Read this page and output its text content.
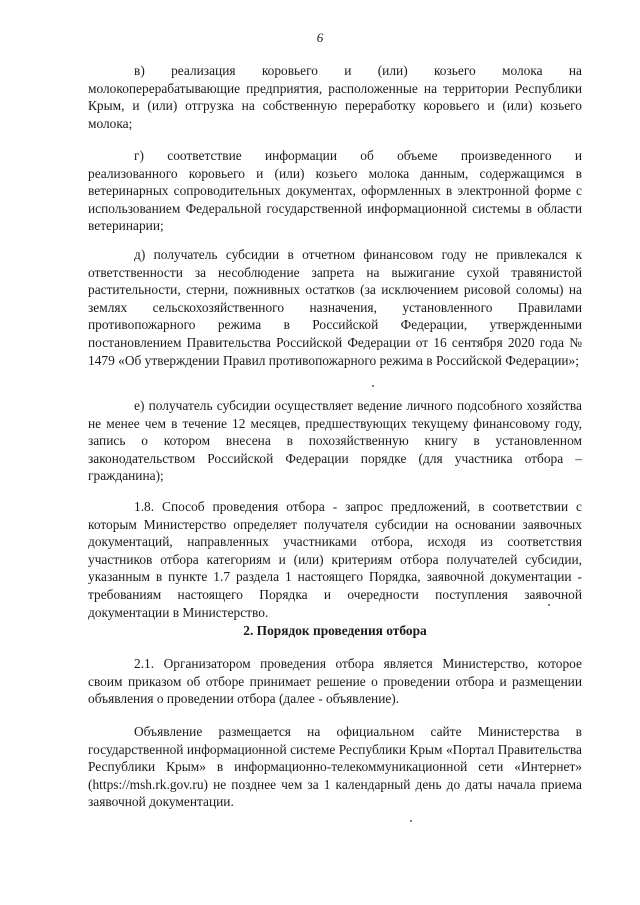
6

в)   реализация   коровьего   и   (или)   козьего   молока   на молокоперерабатывающие предприятия, расположенные на территории Республики Крым, и (или) отгрузка на собственную переработку коровьего и (или) козьего молока;

г)   соответствие   информации   об   объеме   произведенного   и реализованного коровьего и (или) козьего молока данным, содержащимся в ветеринарных сопроводительных документах, оформленных в электронной форме с использованием Федеральной государственной информационной системы в области ветеринарии;

д) получатель субсидии в отчетном финансовом году не привлекался к ответственности за несоблюдение запрета на выжигание сухой травянистой растительности, стерни, пожнивных остатков (за исключением рисовой соломы) на землях сельскохозяйственного назначения, установленного Правилами противопожарного режима в Российской Федерации, утвержденными постановлением Правительства Российской Федерации от 16 сентября 2020 года № 1479 «Об утверждении Правил противопожарного режима в Российской Федерации»;

е) получатель субсидии осуществляет ведение личного подсобного хозяйства не менее чем в течение 12 месяцев, предшествующих текущему финансовому году, запись о котором внесена в похозяйственную книгу в установленном законодательством Российской Федерации порядке (для участника отбора – гражданина);

1.8. Способ проведения отбора - запрос предложений, в соответствии с которым Министерство определяет получателя субсидии на основании заявочных документаций, направленных участниками отбора, исходя из соответствия участников отбора категориям и (или) критериям отбора получателей субсидии, указанным в пункте 1.7 раздела 1 настоящего Порядка, заявочной документации - требованиям настоящего Порядка и очередности поступления заявочной документации в Министерство.

2. Порядок проведения отбора

2.1. Организатором проведения отбора является Министерство, которое своим приказом об отборе принимает решение о проведении отбора и размещении объявления о проведении отбора (далее - объявление).

Объявление размещается на официальном сайте Министерства в государственной информационной системе Республики Крым «Портал Правительства Республики Крым» в информационно-телекоммуникационной сети «Интернет» (https://msh.rk.gov.ru) не позднее чем за 1 календарный день до даты начала приема заявочной документации.
